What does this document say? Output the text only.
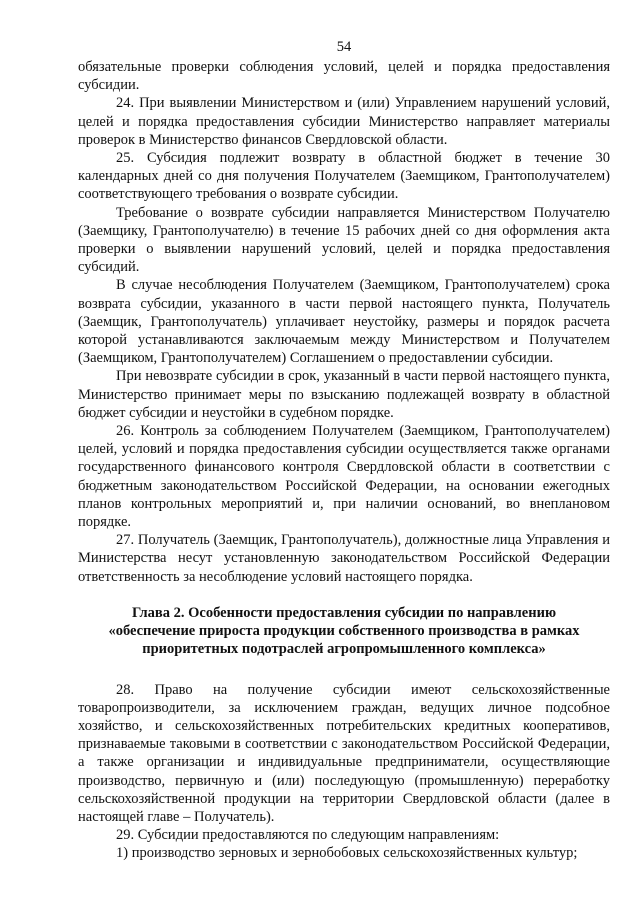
54

обязательные проверки соблюдения условий, целей и порядка предоставления субсидии.

24. При выявлении Министерством и (или) Управлением нарушений условий, целей и порядка предоставления субсидии Министерство направляет материалы проверок в Министерство финансов Свердловской области.

25. Субсидия подлежит возврату в областной бюджет в течение 30 календарных дней со дня получения Получателем (Заемщиком, Грантополучателем) соответствующего требования о возврате субсидии.

Требование о возврате субсидии направляется Министерством Получателю (Заемщику, Грантополучателю) в течение 15 рабочих дней со дня оформления акта проверки о выявлении нарушений условий, целей и порядка предоставления субсидий.

В случае несоблюдения Получателем (Заемщиком, Грантополучателем) срока возврата субсидии, указанного в части первой настоящего пункта, Получатель (Заемщик, Грантополучатель) уплачивает неустойку, размеры и порядок расчета которой устанавливаются заключаемым между Министерством и Получателем (Заемщиком, Грантополучателем) Соглашением о предоставлении субсидии.

При невозврате субсидии в срок, указанный в части первой настоящего пункта, Министерство принимает меры по взысканию подлежащей возврату в областной бюджет субсидии и неустойки в судебном порядке.

26. Контроль за соблюдением Получателем (Заемщиком, Грантополучателем) целей, условий и порядка предоставления субсидии осуществляется также органами государственного финансового контроля Свердловской области в соответствии с бюджетным законодательством Российской Федерации, на основании ежегодных планов контрольных мероприятий и, при наличии оснований, во внеплановом порядке.

27. Получатель (Заемщик, Грантополучатель), должностные лица Управления и Министерства несут установленную законодательством Российской Федерации ответственность за несоблюдение условий настоящего порядка.

Глава 2. Особенности предоставления субсидии по направлению
«обеспечение прироста продукции собственного производства в рамках
приоритетных подотраслей агропромышленного комплекса»

28. Право на получение субсидии имеют сельскохозяйственные товаропроизводители, за исключением граждан, ведущих личное подсобное хозяйство, и сельскохозяйственных потребительских кредитных кооперативов, признаваемые таковыми в соответствии с законодательством Российской Федерации, а также организации и индивидуальные предприниматели, осуществляющие производство, первичную и (или) последующую (промышленную) переработку сельскохозяйственной продукции на территории Свердловской области (далее в настоящей главе – Получатель).

29. Субсидии предоставляются по следующим направлениям:

1) производство зерновых и зернобобовых сельскохозяйственных культур;
